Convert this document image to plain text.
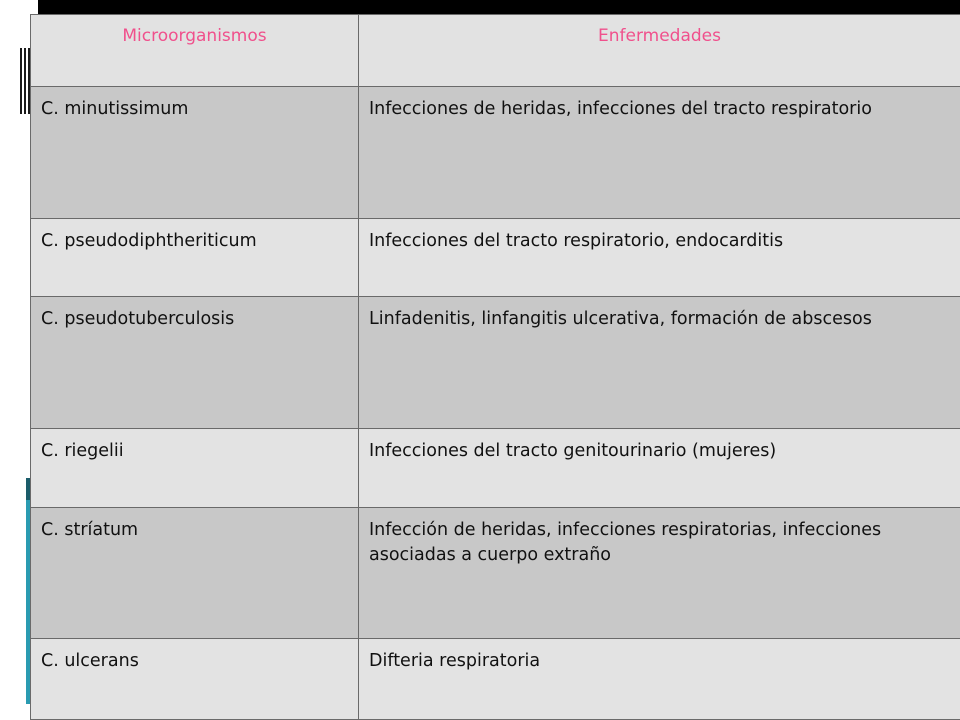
Microorganismos	Enfermedades
C. minutissimum	Infecciones de heridas, infecciones del tracto respiratorio
C. pseudodiphtheriticum	Infecciones del tracto respiratorio, endocarditis
C. pseudotuberculosis	Linfadenitis, linfangitis ulcerativa, formación de abscesos
C. riegelii	Infecciones del tracto genitourinario (mujeres)
C. stríatum	Infección de heridas, infecciones respiratorias, infecciones asociadas a cuerpo extraño
C. ulcerans	Difteria respiratoria
